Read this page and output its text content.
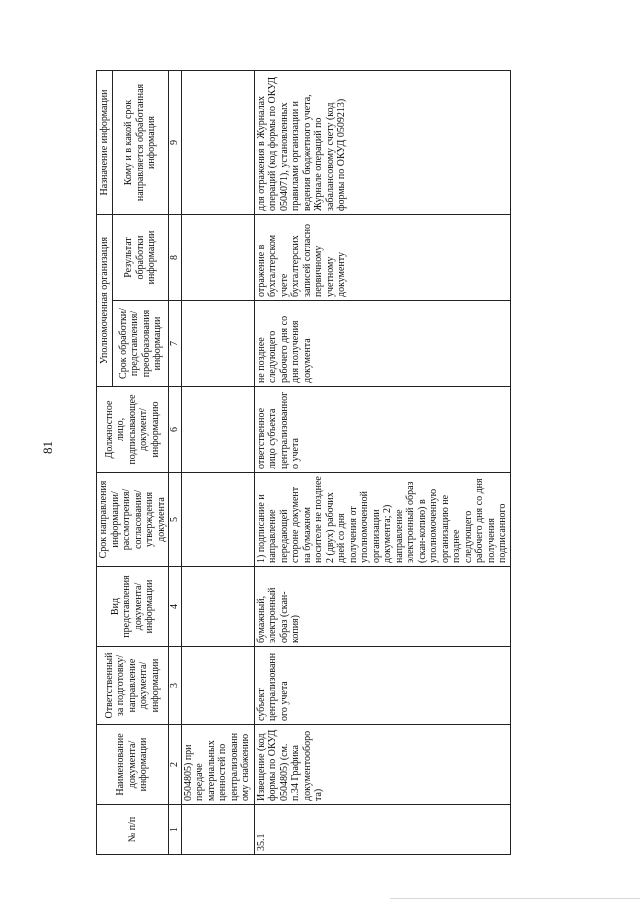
81
№ п/п	Наименование документа/ информации	Ответственный за подготовку/ направление документа/ информации	Вид представления документа/ информации	Срок направления информации/ рассмотрения/ согласования/ утверждения документа	Должностное лицо, подписывающее документ/ информацию	Уполномоченная организация		Назначение информации
						Срок обработки/ представления/ преобразования информации	Результат обработки информации	Кому и в какой срок направляется обработанная информация
1	2	3	4	5	6	7	8	9
	0504805) при передаче материальных ценностей по централизованному снабжению							
35.1	Извещение (код формы по ОКУД 0504805) (см. п.34 Графика документооборота)	субъект централизованного учета	бумажный, электронный образ (скан-копия)	1) подписание и направление передающей стороне документ на бумажном носителе не позднее 2 (двух) рабочих дней со дня получения от уполномоченной организации документа; 2) направление электронный образ (скан-копию) в уполномоченную организацию не позднее следующего рабочего дня со дня получения подписанного	ответственное лицо субъекта централизованного учета	не позднее следующего рабочего дня со дня получения документа	отражение в бухгалтерском учете бухгалтерских записей согласно первичному учетному документу	для отражения в Журналах операций (код формы по ОКУД 0504071), установленных правилами организации и ведения бюджетного учета, Журнале операций по забалансовому счету (код формы по ОКУД 0509213)
